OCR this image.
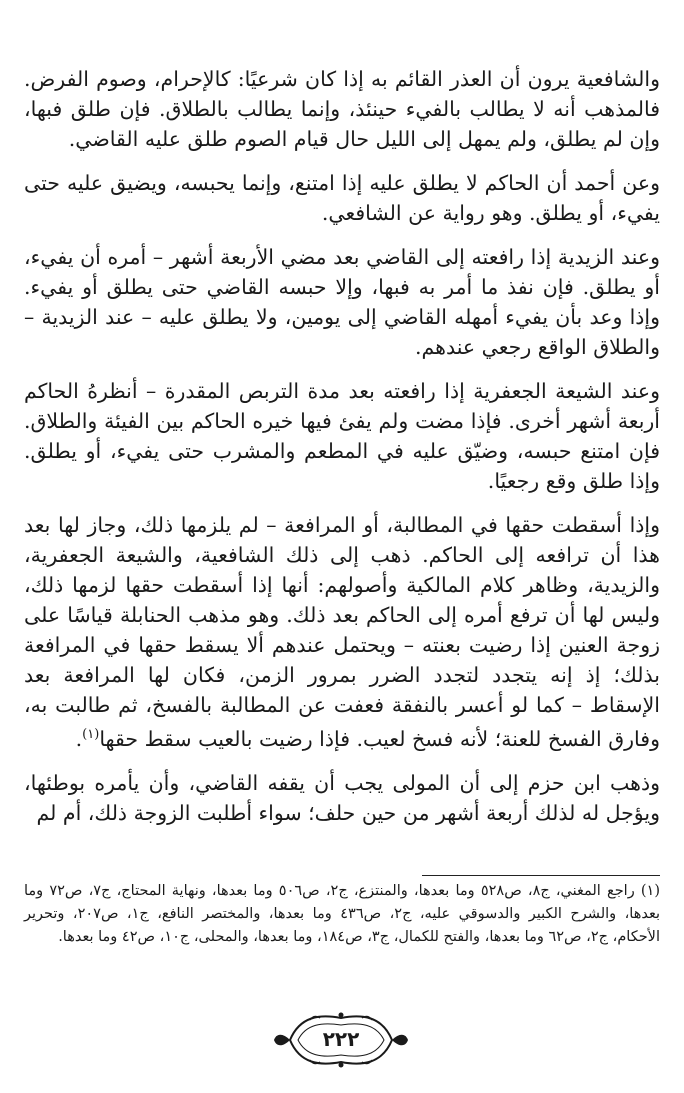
والشافعية يرون أن العذر القائم به إذا كان شرعيًا: كالإحرام، وصوم الفرض. فالمذهب أنه لا يطالب بالفيء حينئذ، وإنما يطالب بالطلاق. فإن طلق فبها، وإن لم يطلق، ولم يمهل إلى الليل حال قيام الصوم طلق عليه القاضي.

وعن أحمد أن الحاكم لا يطلق عليه إذا امتنع، وإنما يحبسه، ويضيق عليه حتى يفيء، أو يطلق. وهو رواية عن الشافعي.

وعند الزيدية إذا رافعته إلى القاضي بعد مضي الأربعة أشهر – أمره أن يفيء، أو يطلق. فإن نفذ ما أمر به فبها، وإلا حبسه القاضي حتى يطلق أو يفيء. وإذا وعد بأن يفيء أمهله القاضي إلى يومين، ولا يطلق عليه – عند الزيدية – والطلاق الواقع رجعي عندهم.

وعند الشيعة الجعفرية إذا رافعته بعد مدة التربص المقدرة – أنظرهُ الحاكم أربعة أشهر أخرى. فإذا مضت ولم يفئ فيها خيره الحاكم بين الفيئة والطلاق. فإن امتنع حبسه، وضيّق عليه في المطعم والمشرب حتى يفيء، أو يطلق. وإذا طلق وقع رجعيًا.

وإذا أسقطت حقها في المطالبة، أو المرافعة – لم يلزمها ذلك، وجاز لها بعد هذا أن ترافعه إلى الحاكم. ذهب إلى ذلك الشافعية، والشيعة الجعفرية، والزيدية، وظاهر كلام المالكية وأصولهم: أنها إذا أسقطت حقها لزمها ذلك، وليس لها أن ترفع أمره إلى الحاكم بعد ذلك. وهو مذهب الحنابلة قياسًا على زوجة العنين إذا رضيت بعنته – ويحتمل عندهم ألا يسقط حقها في المرافعة بذلك؛ إذ إنه يتجدد لتجدد الضرر بمرور الزمن، فكان لها المرافعة بعد الإسقاط – كما لو أعسر بالنفقة فعفت عن المطالبة بالفسخ، ثم طالبت به، وفارق الفسخ للعنة؛ لأنه فسخ لعيب. فإذا رضيت بالعيب سقط حقها$^{(١)}$.

وذهب ابن حزم إلى أن المولى يجب أن يقفه القاضي، وأن يأمره بوطئها، ويؤجل له لذلك أربعة أشهر من حين حلف؛ سواء أطلبت الزوجة ذلك، أم لم

(١) راجع المغني، ج٨، ص٥٢٨ وما بعدها، والمنتزع، ج٢، ص٥٠٦ وما بعدها، ونهاية المحتاج، ج٧، ص٧٢ وما بعدها، والشرح الكبير والدسوقي عليه، ج٢، ص٤٣٦ وما بعدها، والمختصر النافع، ج١، ص٢٠٧، وتحرير الأحكام، ج٢، ص٦٢ وما بعدها، والفتح للكمال، ج٣، ص١٨٤، وما بعدها، والمحلى، ج١٠، ص٤٢ وما بعدها.
٢٢٢
